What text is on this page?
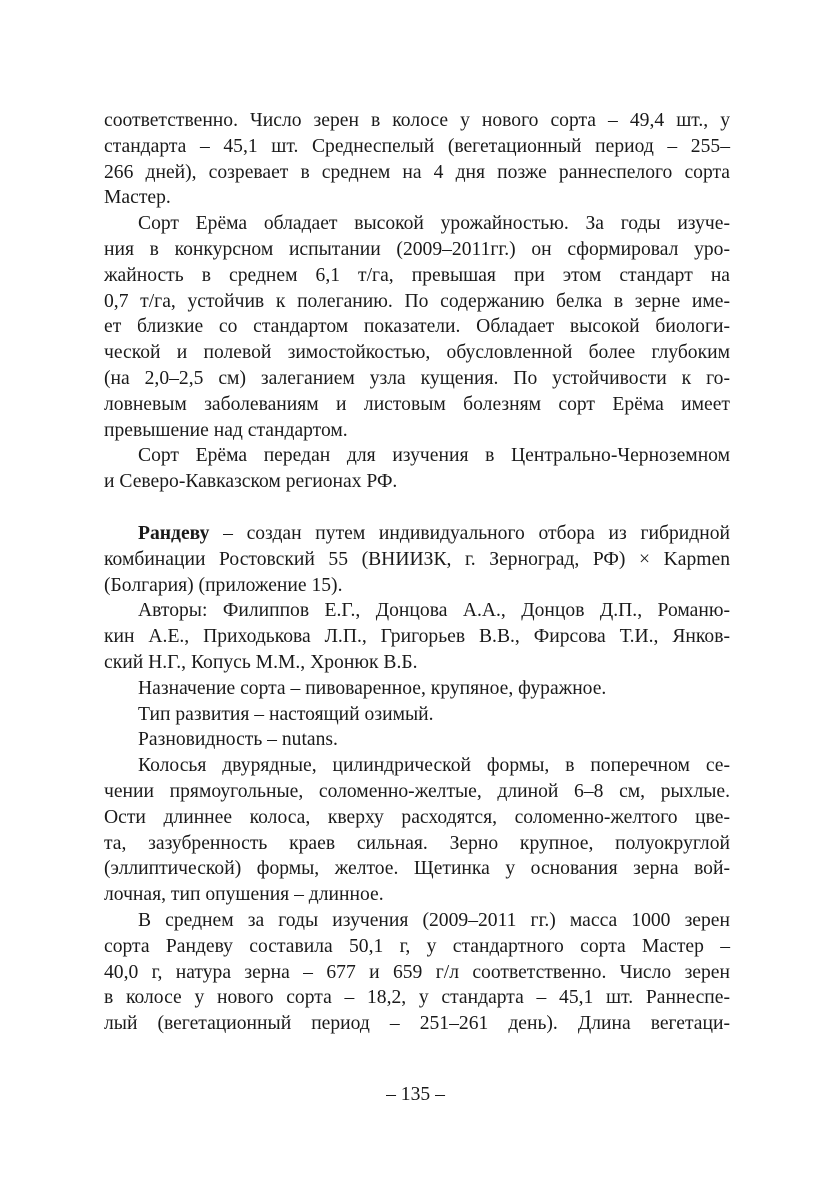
соответственно. Число зерен в колосе у нового сорта – 49,4 шт., у
стандарта – 45,1 шт. Среднеспелый (вегетационный период – 255–
266 дней), созревает в среднем на 4 дня позже раннеспелого сорта
Мастер.
Сорт Ерёма обладает высокой урожайностью. За годы изуче-
ния в конкурсном испытании (2009–2011гг.) он сформировал уро-
жайность в среднем 6,1 т/га, превышая при этом стандарт на
0,7 т/га, устойчив к полеганию. По содержанию белка в зерне име-
ет близкие со стандартом показатели. Обладает высокой биологи-
ческой и полевой зимостойкостью, обусловленной более глубоким
(на 2,0–2,5 см) залеганием узла кущения. По устойчивости к го-
ловневым заболеваниям и листовым болезням сорт Ерёма имеет
превышение над стандартом.
Сорт Ерёма передан для изучения в Центрально-Черноземном
и Северо-Кавказском регионах РФ.
Рандеву – создан путем индивидуального отбора из гибридной
комбинации Ростовский 55 (ВНИИЗК, г. Зерноград, РФ) × Kapmen
(Болгария) (приложение 15).
Авторы: Филиппов Е.Г., Донцова А.А., Донцов Д.П., Романю-
кин А.Е., Приходькова Л.П., Григорьев В.В., Фирсова Т.И., Янков-
ский Н.Г., Копусь М.М., Хронюк В.Б.
Назначение сорта – пивоваренное, крупяное, фуражное.
Тип развития – настоящий озимый.
Разновидность – nutans.
Колосья двурядные, цилиндрической формы, в поперечном се-
чении прямоугольные, соломенно-желтые, длиной 6–8 см, рыхлые.
Ости длиннее колоса, кверху расходятся, соломенно-желтого цве-
та, зазубренность краев сильная. Зерно крупное, полуокруглой
(эллиптической) формы, желтое. Щетинка у основания зерна вой-
лочная, тип опушения – длинное.
В среднем за годы изучения (2009–2011 гг.) масса 1000 зерен
сорта Рандеву составила 50,1 г, у стандартного сорта Мастер –
40,0 г, натура зерна – 677 и 659 г/л соответственно. Число зерен
в колосе у нового сорта – 18,2, у стандарта – 45,1 шт. Раннеспе-
лый (вегетационный период – 251–261 день). Длина вегетаци-
– 135 –
